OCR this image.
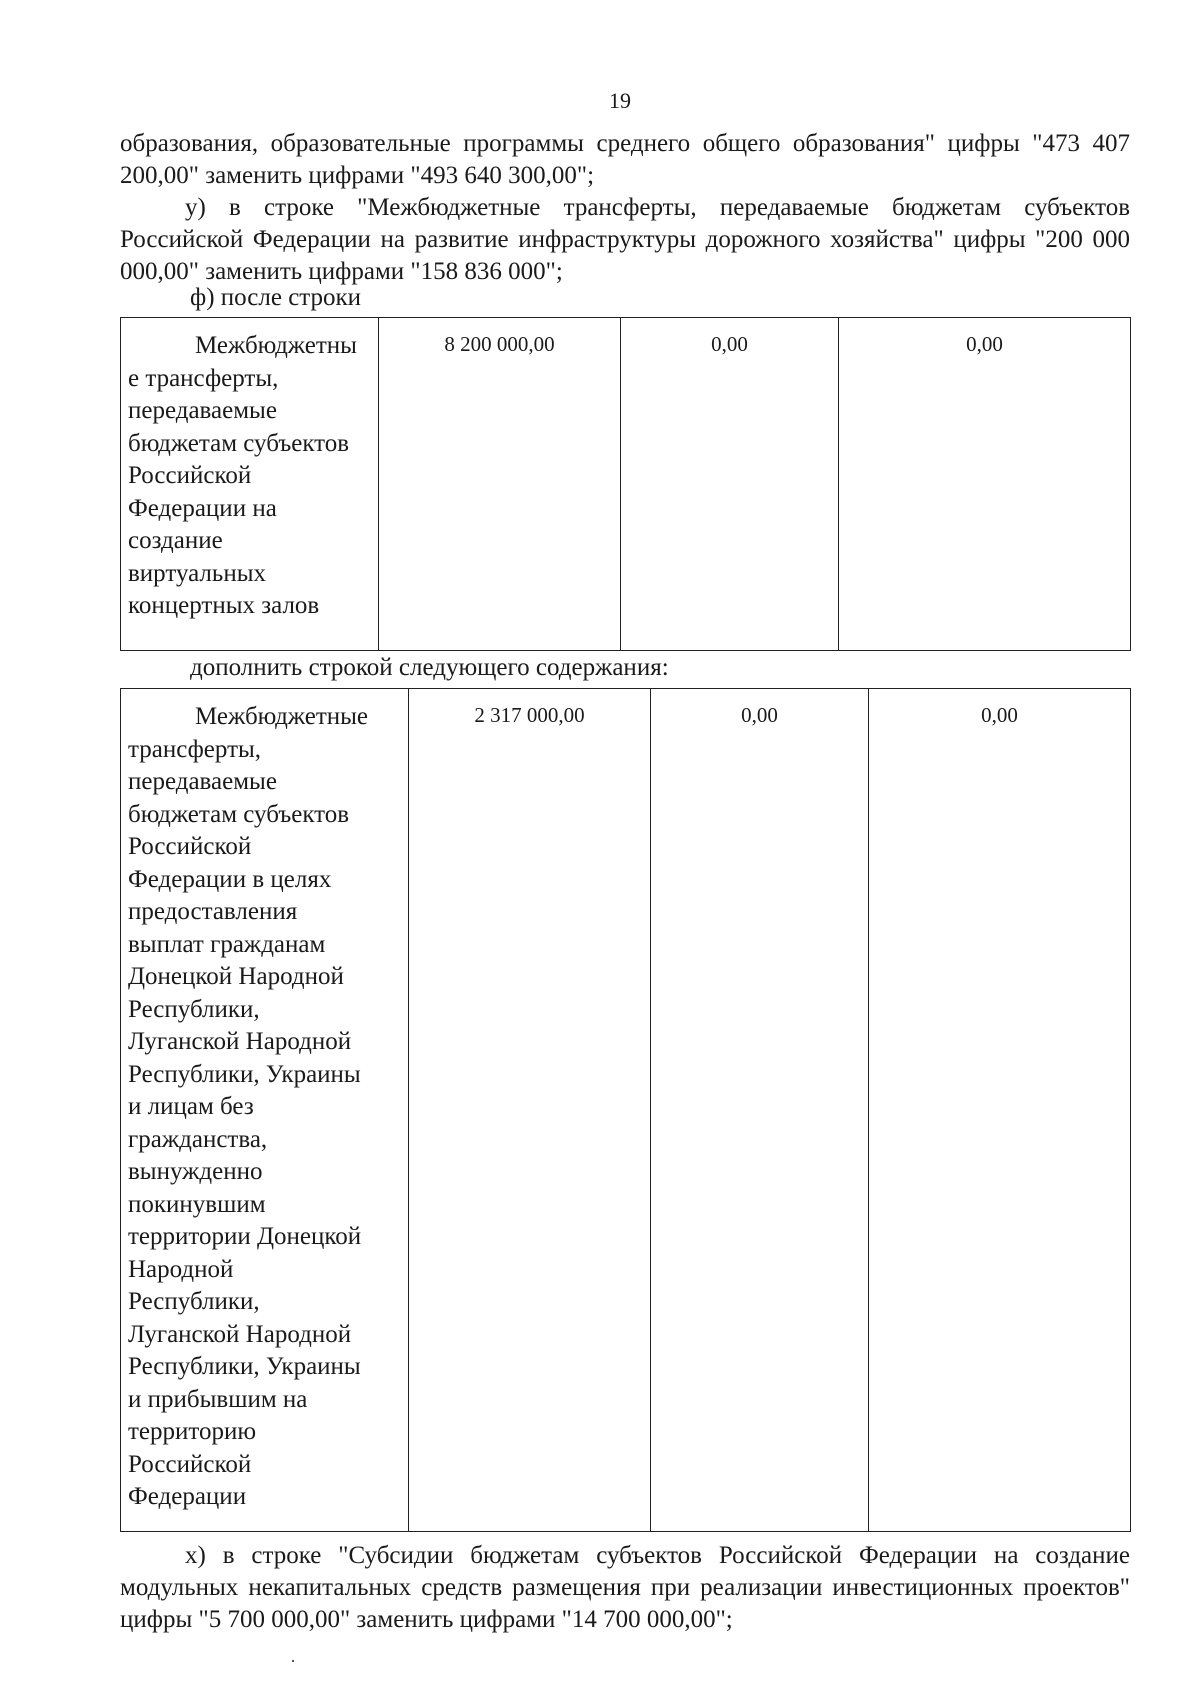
19
образования, образовательные программы среднего общего образования" цифры "473 407 200,00" заменить цифрами "493 640 300,00";
у) в строке "Межбюджетные трансферты, передаваемые бюджетам субъектов Российской Федерации на развитие инфраструктуры дорожного хозяйства" цифры "200 000 000,00" заменить цифрами "158 836 000";
ф) после строки
Межбюджетны
е трансферты,
передаваемые
бюджетам субъектов
Российской
Федерации на
создание
виртуальных
концертных залов
	8 200 000,00	0,00	0,00
дополнить строкой следующего содержания:
Межбюджетные
трансферты,
передаваемые
бюджетам субъектов
Российской
Федерации в целях
предоставления
выплат гражданам
Донецкой Народной
Республики,
Луганской Народной
Республики, Украины
и лицам без
гражданства,
вынужденно
покинувшим
территории Донецкой
Народной
Республики,
Луганской Народной
Республики, Украины
и прибывшим на
территорию
Российской
Федерации
	2 317 000,00	0,00	0,00
х) в строке "Субсидии бюджетам субъектов Российской Федерации на создание модульных некапитальных средств размещения при реализации инвестиционных проектов" цифры "5 700 000,00" заменить цифрами "14 700 000,00";
